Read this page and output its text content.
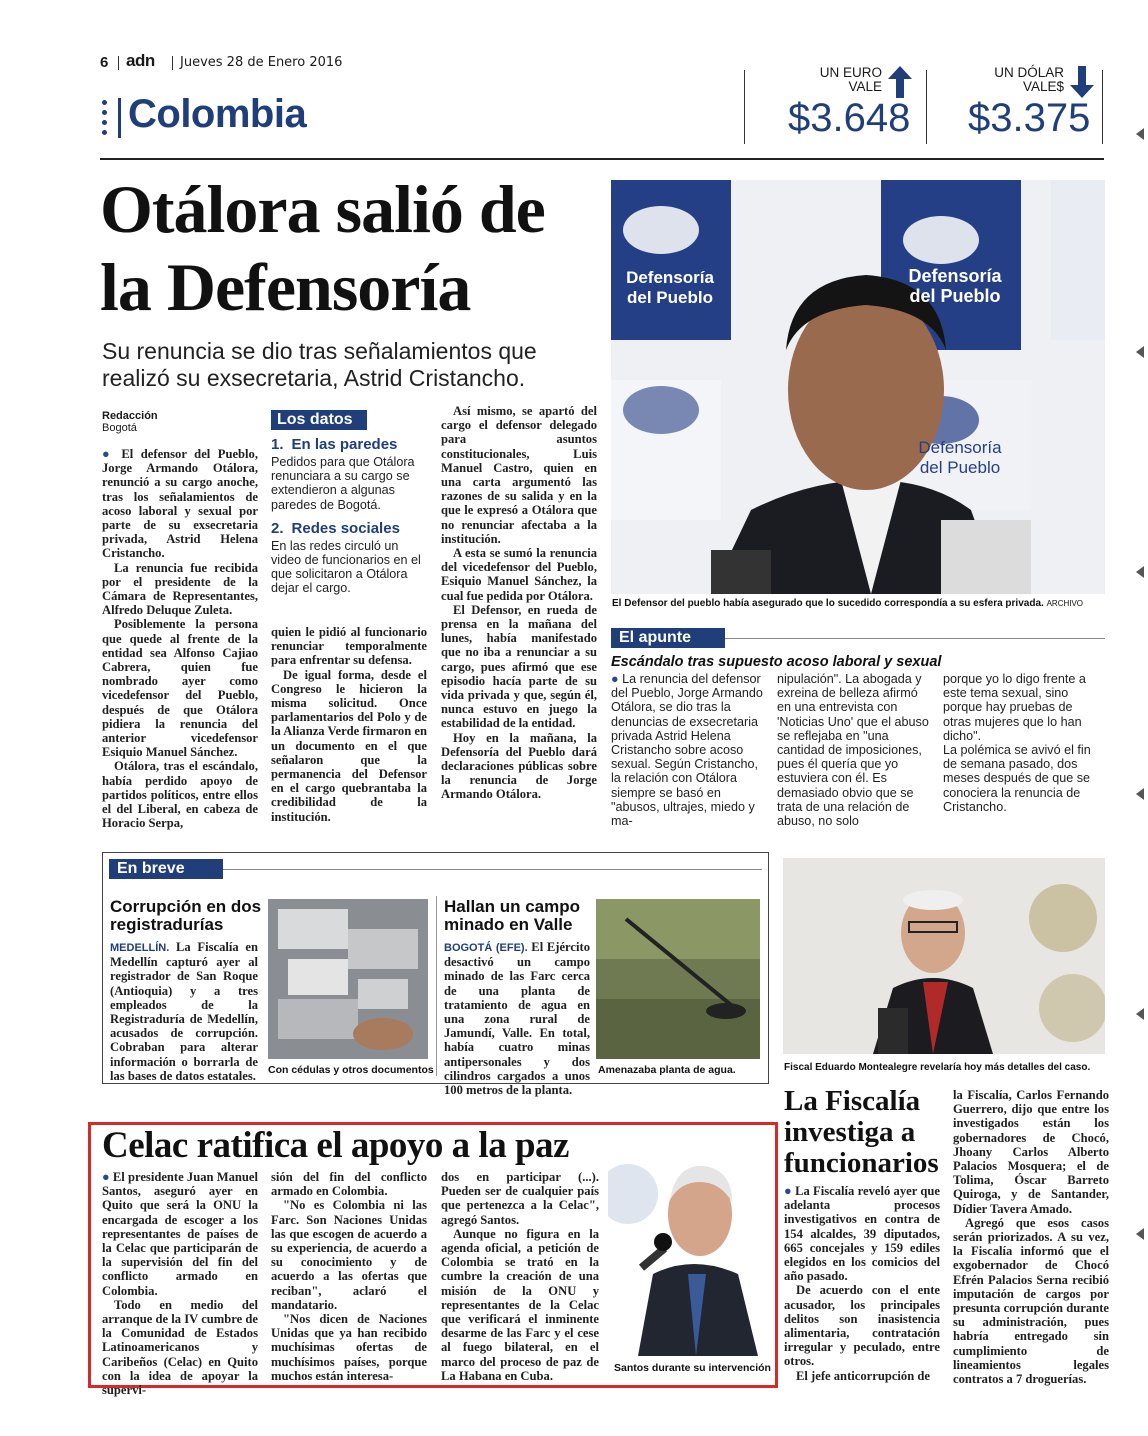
6 adn Jueves 28 de Enero 2016
Colombia
UN EURO
VALE
$3.648
UN DÓLAR
VALE$
$3.375
Otálora salió de
la Defensoría
Su renuncia se dio tras señalamientos que
realizó su exsecretaria, Astrid Cristancho.
Defensoría
del Pueblo
Defensoría
del Pueblo
Defensoría
del Pueblo
El Defensor del pueblo había asegurado que lo sucedido correspondía a su esfera privada. ARCHIVO
Redacción
Bogotá

● El defensor del Pueblo, Jorge Armando Otálora, renunció a su cargo anoche, tras los señalamientos de acoso laboral y sexual por parte de su exsecretaria privada, Astrid Helena Cristancho.

La renuncia fue recibida por el presidente de la Cámara de Representantes, Alfredo Deluque Zuleta.

Posiblemente la persona que quede al frente de la entidad sea Alfonso Cajiao Cabrera, quien fue nombrado ayer como vicedefensor del Pueblo, después de que Otálora pidiera la renuncia del anterior vicedefensor Esiquio Manuel Sánchez.

Otálora, tras el escándalo, había perdido apoyo de partidos políticos, entre ellos el del Liberal, en cabeza de Horacio Serpa,

Los datos
1. En las paredes
Pedidos para que Otálora renunciara a su cargo se extendieron a algunas paredes de Bogotá.
2. Redes sociales
En las redes circuló un video de funcionarios en el que solicitaron a Otálora dejar el cargo.

quien le pidió al funcionario renunciar temporalmente para enfrentar su defensa.

De igual forma, desde el Congreso le hicieron la misma solicitud. Once parlamentarios del Polo y de la Alianza Verde firmaron en un documento en el que señalaron que la permanencia del Defensor en el cargo quebrantaba la credibilidad de la institución.

Así mismo, se apartó del cargo el defensor delegado para asuntos constitucionales, Luis Manuel Castro, quien en una carta argumentó las razones de su salida y en la que le expresó a Otálora que no renunciar afectaba a la institución.

A esta se sumó la renuncia del vicedefensor del Pueblo, Esiquio Manuel Sánchez, la cual fue pedida por Otálora.

El Defensor, en rueda de prensa en la mañana del lunes, había manifestado que no iba a renunciar a su cargo, pues afirmó que ese episodio hacía parte de su vida privada y que, según él, nunca estuvo en juego la estabilidad de la entidad.

Hoy en la mañana, la Defensoría del Pueblo dará declaraciones públicas sobre la renuncia de Jorge Armando Otálora.

El apunte
Escándalo tras supuesto acoso laboral y sexual
● La renuncia del defensor del Pueblo, Jorge Armando Otálora, se dio tras la denuncias de exsecretaria privada Astrid Helena Cristancho sobre acoso sexual. Según Cristancho, la relación con Otálora siempre se basó en "abusos, ultrajes, miedo y ma-
nipulación". La abogada y exreina de belleza afirmó en una entrevista con 'Noticias Uno' que el abuso se reflejaba en "una cantidad de imposiciones, pues él quería que yo estuviera con él. Es demasiado obvio que se trata de una relación de abuso, no solo
porque yo lo digo frente a este tema sexual, sino porque hay pruebas de otras mujeres que lo han dicho".
La polémica se avivó el fin de semana pasado, dos meses después de que se conociera la renuncia de Cristancho.
En breve
Corrupción en dos
registradurías
MEDELLÍN. La Fiscalía en Medellín capturó ayer al registrador de San Roque (Antioquia) y a tres empleados de la Registraduría de Medellín, acusados de corrupción. Cobraban para alterar información o borrarla de las bases de datos estatales. Con cédulas y otros documentos
Hallan un campo
minado en Valle
BOGOTÁ (EFE). El Ejército desactivó un campo minado de las Farc cerca de una planta de tratamiento de agua en una zona rural de Jamundí, Valle. En total, había cuatro minas antipersonales y dos cilindros cargados a unos 100 metros de la planta.
Amenazaba planta de agua.	Fiscal Eduardo Montealegre revelaría hoy más detalles del caso.
Celac ratifica el apoyo a la paz

● El presidente Juan Manuel Santos, aseguró ayer en Quito que será la ONU la encargada de escoger a los representantes de países de la Celac que participarán de la supervisión del fin del conflicto armado en Colombia.

Todo en medio del arranque de la IV cumbre de la Comunidad de Estados Latinoamericanos y Caribeños (Celac) en Quito con la idea de apoyar la supervi-

sión del fin del conflicto armado en Colombia.

"No es Colombia ni las Farc. Son Naciones Unidas las que escogen de acuerdo a su experiencia, de acuerdo a su conocimiento y de acuerdo a las ofertas que reciban", aclaró el mandatario.

"Nos dicen de Naciones Unidas que ya han recibido muchísimas ofertas de muchísimos países, porque muchos están interesa-

dos en participar (...). Pueden ser de cualquier país que pertenezca a la Celac", agregó Santos.

Aunque no figura en la agenda oficial, a petición de Colombia se trató en la cumbre la creación de una misión de la ONU y representantes de la Celac que verificará el inminente desarme de las Farc y el cese al fuego bilateral, en el marco del proceso de paz de La Habana en Cuba.

Santos durante su intervención
La Fiscalía
investiga a
funcionarios

● La Fiscalía reveló ayer que adelanta procesos investigativos en contra de 154 alcaldes, 39 diputados, 665 concejales y 159 ediles elegidos en los comicios del año pasado.

De acuerdo con el ente acusador, los principales delitos son inasistencia alimentaria, contratación irregular y peculado, entre otros.

El jefe anticorrupción de

la Fiscalía, Carlos Fernando Guerrero, dijo que entre los investigados están los gobernadores de Chocó, Jhoany Carlos Alberto Palacios Mosquera; el de Tolima, Óscar Barreto Quiroga, y de Santander, Dídier Tavera Amado.

Agregó que esos casos serán priorizados. A su vez, la Fiscalía informó que el exgobernador de Chocó Efrén Palacios Serna recibió imputación de cargos por presunta corrupción durante su administración, pues habría entregado sin cumplimiento de lineamientos legales contratos a 7 droguerías.
